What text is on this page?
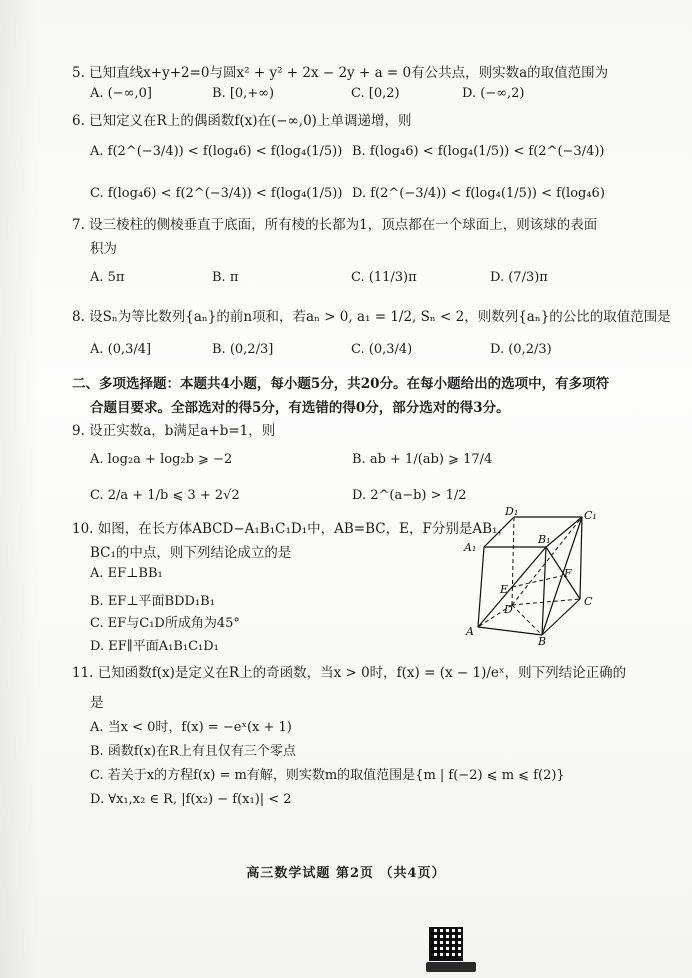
5. 已知直线x+y+2=0与圆x² + y² + 2x − 2y + a = 0有公共点，则实数a的取值范围为
A. (−∞,0]	B. [0,+∞)	C. [0,2)	D. (−∞,2)
6. 已知定义在R上的偶函数f(x)在(−∞,0)上单调递增，则
A. f(2^(−3/4)) < f(log₄6) < f(log₄(1/5)) B. f(log₄6) < f(log₄(1/5)) < f(2^(−3/4))
C. f(log₄6) < f(2^(−3/4)) < f(log₄(1/5)) D. f(2^(−3/4)) < f(log₄(1/5)) < f(log₄6)
7. 设三棱柱的侧棱垂直于底面，所有棱的长都为1，顶点都在一个球面上，则该球的表面
积为
A. 5π	B. π	C. (11/3)π	D. (7/3)π
8. 设Sₙ为等比数列{aₙ}的前n项和，若aₙ > 0, a₁ = 1/2, Sₙ < 2，则数列{aₙ}的公比的取值范围是
A. (0,3/4]	B. (0,2/3]	C. (0,3/4)	D. (0,2/3)
二、多项选择题：本题共4小题，每小题5分，共20分。在每小题给出的选项中，有多项符
合题目要求。全部选对的得5分，有选错的得0分，部分选对的得3分。
9. 设正实数a，b满足a+b=1，则
A. log₂a + log₂b ⩾ −2	B. ab + 1/(ab) ⩾ 17/4
C. 2/a + 1/b ⩽ 3 + 2√2	D. 2^(a−b) > 1/2
10. 如图，在长方体ABCD−A₁B₁C₁D₁中，AB=BC，E，F分别是AB₁，
BC₁的中点，则下列结论成立的是
A. EF⊥BB₁
B. EF⊥平面BDD₁B₁
C. EF与C₁D所成角为45°
D. EF∥平面A₁B₁C₁D₁
D₁	C₁
A₁
B₁
E
F
D
C
A
B
11. 已知函数f(x)是定义在R上的奇函数，当x > 0时，f(x) = (x − 1)/eˣ，则下列结论正确的
是
A. 当x < 0时，f(x) = −eˣ(x + 1)
B. 函数f(x)在R上有且仅有三个零点
C. 若关于x的方程f(x) = m有解，则实数m的取值范围是{m | f(−2) ⩽ m ⩽ f(2)}
D. ∀x₁,x₂ ∈ R, |f(x₂) − f(x₁)| < 2
高三数学试题 第2页 （共4页）
